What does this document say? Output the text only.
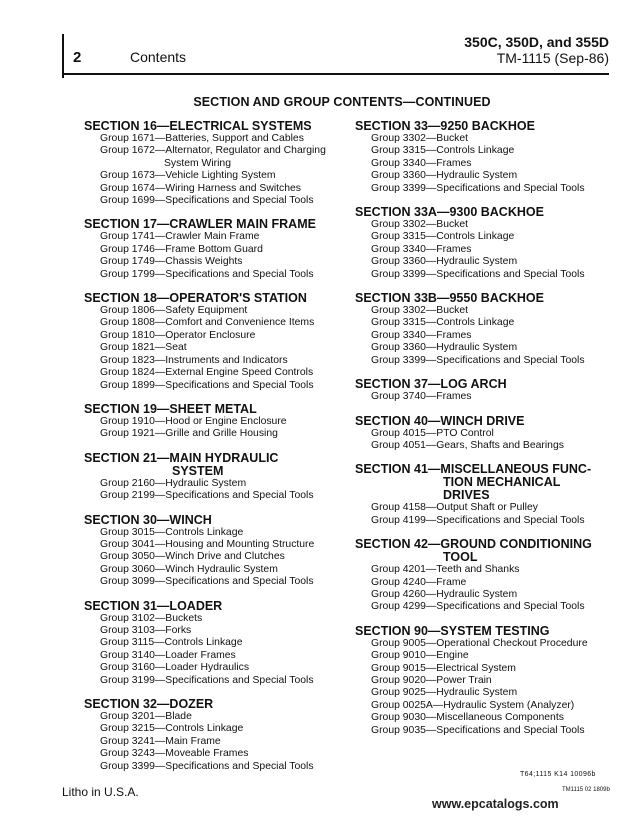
2	Contents
350C, 350D, and 355D
TM-1115 (Sep-86)
SECTION AND GROUP CONTENTS—CONTINUED
SECTION 16—ELECTRICAL SYSTEMS
Group 1671—Batteries, Support and Cables
Group 1672—Alternator, Regulator and Charging
System Wiring
Group 1673—Vehicle Lighting System
Group 1674—Wiring Harness and Switches
Group 1699—Specifications and Special Tools
SECTION 17—CRAWLER MAIN FRAME
Group 1741—Crawler Main Frame
Group 1746—Frame Bottom Guard
Group 1749—Chassis Weights
Group 1799—Specifications and Special Tools
SECTION 18—OPERATOR'S STATION
Group 1806—Safety Equipment
Group 1808—Comfort and Convenience Items
Group 1810—Operator Enclosure
Group 1821—Seat
Group 1823—Instruments and Indicators
Group 1824—External Engine Speed Controls
Group 1899—Specifications and Special Tools
SECTION 19—SHEET METAL
Group 1910—Hood or Engine Enclosure
Group 1921—Grille and Grille Housing
SECTION 21—MAIN HYDRAULIC
SYSTEM
Group 2160—Hydraulic System
Group 2199—Specifications and Special Tools
SECTION 30—WINCH
Group 3015—Controls Linkage
Group 3041—Housing and Mounting Structure
Group 3050—Winch Drive and Clutches
Group 3060—Winch Hydraulic System
Group 3099—Specifications and Special Tools
SECTION 31—LOADER
Group 3102—Buckets
Group 3103—Forks
Group 3115—Controls Linkage
Group 3140—Loader Frames
Group 3160—Loader Hydraulics
Group 3199—Specifications and Special Tools
SECTION 32—DOZER
Group 3201—Blade
Group 3215—Controls Linkage
Group 3241—Main Frame
Group 3243—Moveable Frames
Group 3399—Specifications and Special Tools
SECTION 33—9250 BACKHOE
Group 3302—Bucket
Group 3315—Controls Linkage
Group 3340—Frames
Group 3360—Hydraulic System
Group 3399—Specifications and Special Tools
SECTION 33A—9300 BACKHOE
Group 3302—Bucket
Group 3315—Controls Linkage
Group 3340—Frames
Group 3360—Hydraulic System
Group 3399—Specifications and Special Tools
SECTION 33B—9550 BACKHOE
Group 3302—Bucket
Group 3315—Controls Linkage
Group 3340—Frames
Group 3360—Hydraulic System
Group 3399—Specifications and Special Tools
SECTION 37—LOG ARCH
Group 3740—Frames
SECTION 40—WINCH DRIVE
Group 4015—PTO Control
Group 4051—Gears, Shafts and Bearings
SECTION 41—MISCELLANEOUS FUNC-
TION MECHANICAL DRIVES
Group 4158—Output Shaft or Pulley
Group 4199—Specifications and Special Tools
SECTION 42—GROUND CONDITIONING
TOOL
Group 4201—Teeth and Shanks
Group 4240—Frame
Group 4260—Hydraulic System
Group 4299—Specifications and Special Tools
SECTION 90—SYSTEM TESTING
Group 9005—Operational Checkout Procedure
Group 9010—Engine
Group 9015—Electrical System
Group 9020—Power Train
Group 9025—Hydraulic System
Group 0025A—Hydraulic System (Analyzer)
Group 9030—Miscellaneous Components
Group 9035—Specifications and Special Tools
Litho in U.S.A.
T64;1115 K14 10096b
TM1115 02 1809b
www.epcatalogs.com
